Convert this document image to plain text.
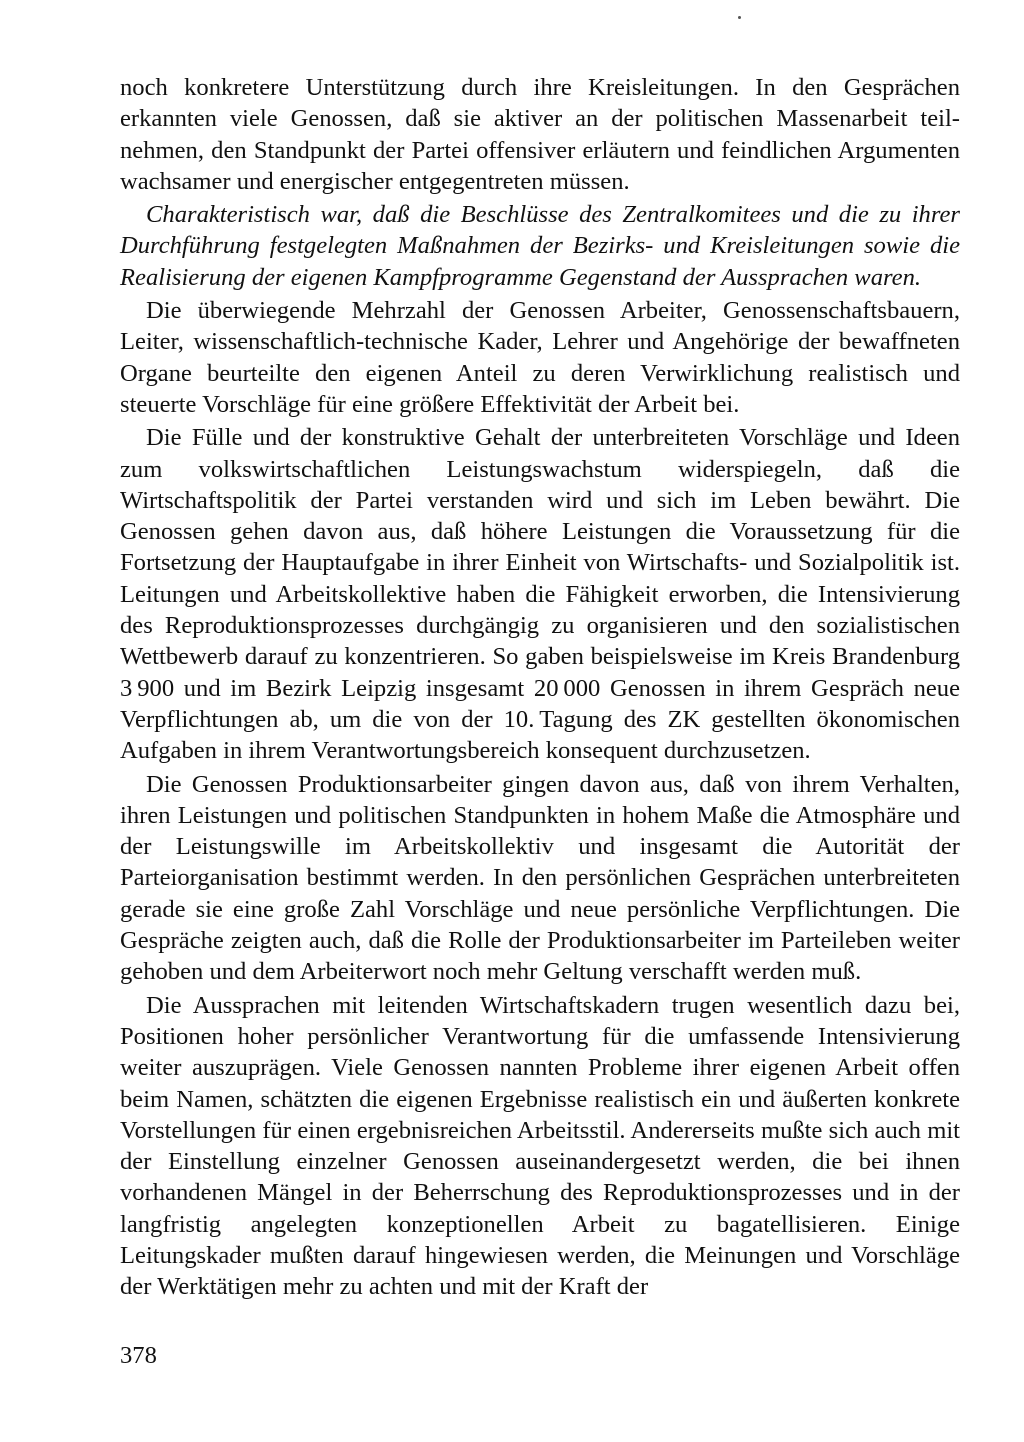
noch konkretere Unterstützung durch ihre Kreisleitungen. In den Gesprächen erkannten viele Genossen, daß sie aktiver an der politischen Massenarbeit teilnehmen, den Standpunkt der Partei offensiver erläutern und feindlichen Argumenten wachsamer und energischer entgegentreten müssen.

Charakteristisch war, daß die Beschlüsse des Zentralkomitees und die zu ihrer Durchführung festgelegten Maßnahmen der Bezirks- und Kreisleitungen sowie die Realisierung der eigenen Kampfprogramme Gegenstand der Aussprachen waren.

Die überwiegende Mehrzahl der Genossen Arbeiter, Genossenschaftsbauern, Leiter, wissenschaftlich-technische Kader, Lehrer und Angehörige der bewaffneten Organe beurteilte den eigenen Anteil zu deren Verwirklichung realistisch und steuerte Vorschläge für eine größere Effektivität der Arbeit bei.

Die Fülle und der konstruktive Gehalt der unterbreiteten Vorschläge und Ideen zum volkswirtschaftlichen Leistungswachstum widerspiegeln, daß die Wirtschaftspolitik der Partei verstanden wird und sich im Leben bewährt. Die Genossen gehen davon aus, daß höhere Leistungen die Voraussetzung für die Fortsetzung der Hauptaufgabe in ihrer Einheit von Wirtschafts- und Sozialpolitik ist. Leitungen und Arbeitskollektive haben die Fähigkeit erworben, die Intensivierung des Reproduktionsprozesses durchgängig zu organisieren und den sozialistischen Wettbewerb darauf zu konzentrieren. So gaben beispielsweise im Kreis Brandenburg 3 900 und im Bezirk Leipzig insgesamt 20 000 Genossen in ihrem Gespräch neue Verpflichtungen ab, um die von der 10. Tagung des ZK gestellten ökonomischen Aufgaben in ihrem Verantwortungsbereich konsequent durchzusetzen.

Die Genossen Produktionsarbeiter gingen davon aus, daß von ihrem Verhalten, ihren Leistungen und politischen Standpunkten in hohem Maße die Atmosphäre und der Leistungswille im Arbeitskollektiv und insgesamt die Autorität der Parteiorganisation bestimmt werden. In den persönlichen Gesprächen unterbreiteten gerade sie eine große Zahl Vorschläge und neue persönliche Verpflichtungen. Die Gespräche zeigten auch, daß die Rolle der Produktionsarbeiter im Parteileben weiter gehoben und dem Arbeiterwort noch mehr Geltung verschafft werden muß.

Die Aussprachen mit leitenden Wirtschaftskadern trugen wesentlich dazu bei, Positionen hoher persönlicher Verantwortung für die umfassende Intensivierung weiter auszuprägen. Viele Genossen nannten Probleme ihrer eigenen Arbeit offen beim Namen, schätzten die eigenen Ergebnisse realistisch ein und äußerten konkrete Vorstellungen für einen ergebnisreichen Arbeitsstil. Andererseits mußte sich auch mit der Einstellung einzelner Genossen auseinandergesetzt werden, die bei ihnen vorhandenen Mängel in der Beherrschung des Reproduktionsprozesses und in der langfristig angelegten konzeptionellen Arbeit zu bagatellisieren. Einige Leitungskader mußten darauf hingewiesen werden, die Meinungen und Vorschläge der Werktätigen mehr zu achten und mit der Kraft der

378
